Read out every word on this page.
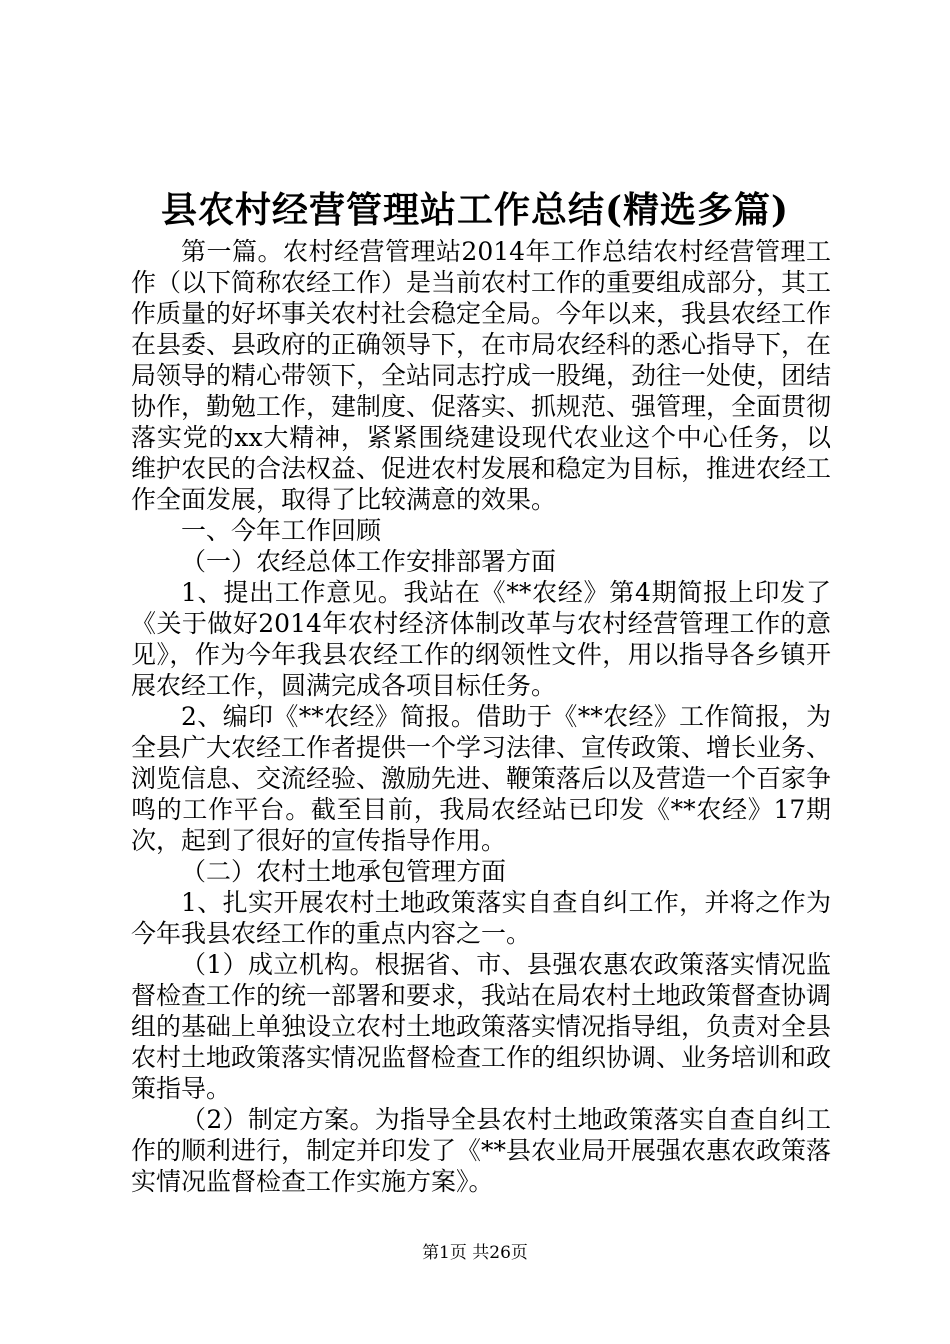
县农村经营管理站工作总结(精选多篇)

第一篇。农村经营管理站2014年工作总结农村经营管理工作（以下简称农经工作）是当前农村工作的重要组成部分，其工作质量的好坏事关农村社会稳定全局。今年以来，我县农经工作在县委、县政府的正确领导下，在市局农经科的悉心指导下，在局领导的精心带领下，全站同志拧成一股绳，劲往一处使，团结协作，勤勉工作，建制度、促落实、抓规范、强管理，全面贯彻落实党的xx大精神，紧紧围绕建设现代农业这个中心任务，以维护农民的合法权益、促进农村发展和稳定为目标，推进农经工作全面发展，取得了比较满意的效果。

一、今年工作回顾

（一）农经总体工作安排部署方面

1、提出工作意见。我站在《**农经》第4期简报上印发了《关于做好2014年农村经济体制改革与农村经营管理工作的意见》，作为今年我县农经工作的纲领性文件，用以指导各乡镇开展农经工作，圆满完成各项目标任务。

2、编印《**农经》简报。借助于《**农经》工作简报，为全县广大农经工作者提供一个学习法律、宣传政策、增长业务、浏览信息、交流经验、激励先进、鞭策落后以及营造一个百家争鸣的工作平台。截至目前，我局农经站已印发《**农经》17期次，起到了很好的宣传指导作用。

（二）农村土地承包管理方面

1、扎实开展农村土地政策落实自查自纠工作，并将之作为今年我县农经工作的重点内容之一。

（1）成立机构。根据省、市、县强农惠农政策落实情况监督检查工作的统一部署和要求，我站在局农村土地政策督查协调组的基础上单独设立农村土地政策落实情况指导组，负责对全县农村土地政策落实情况监督检查工作的组织协调、业务培训和政策指导。

（2）制定方案。为指导全县农村土地政策落实自查自纠工作的顺利进行，制定并印发了《**县农业局开展强农惠农政策落实情况监督检查工作实施方案》。

第1页 共26页
